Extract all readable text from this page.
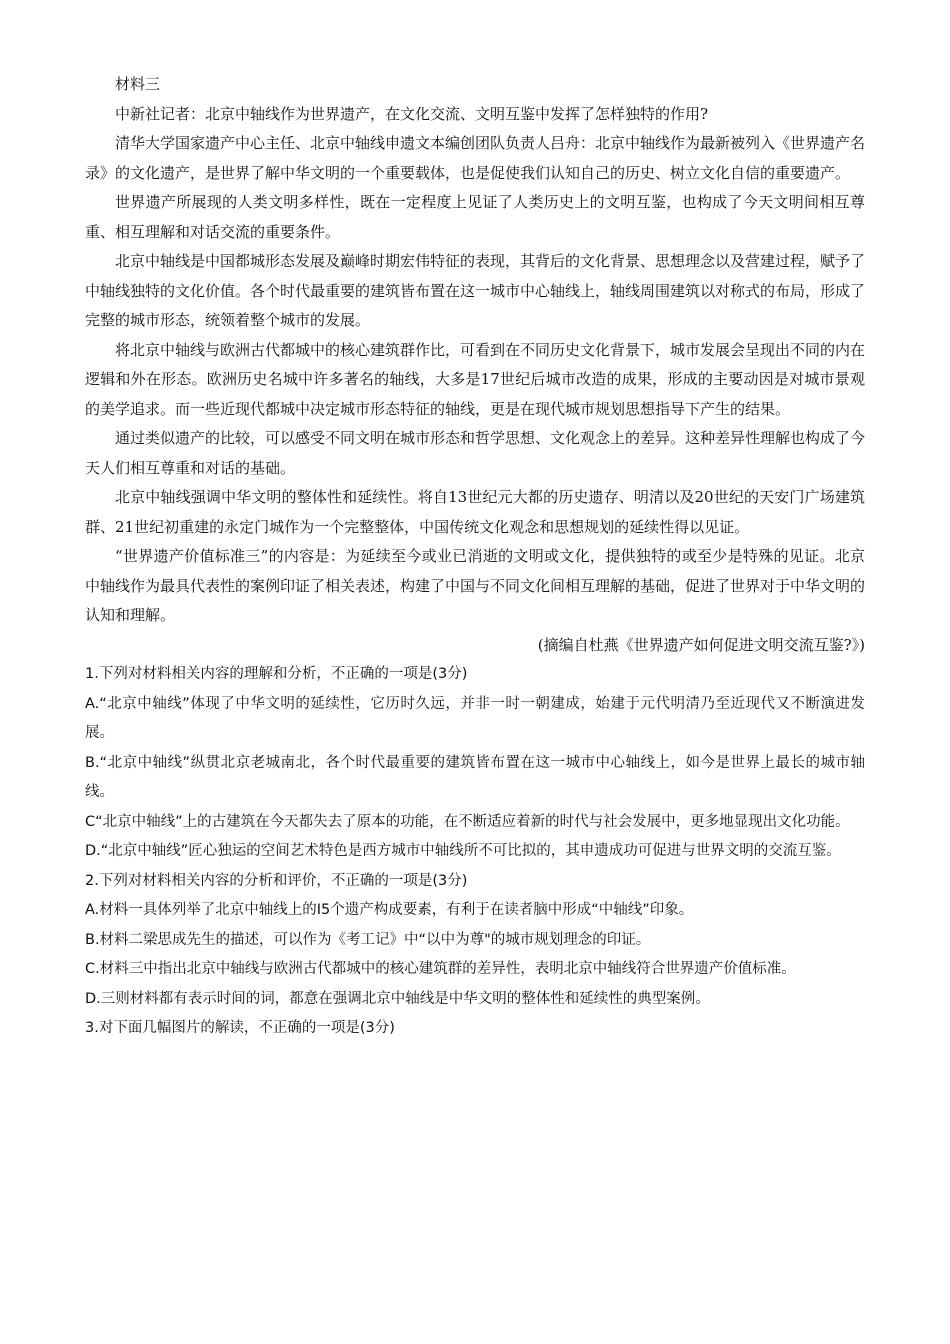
材料三

中新社记者：北京中轴线作为世界遗产，在文化交流、文明互鉴中发挥了怎样独特的作用?

清华大学国家遗产中心主任、北京中轴线申遗文本编创团队负责人吕舟：北京中轴线作为最新被列入《世界遗产名录》的文化遗产，是世界了解中华文明的一个重要载体，也是促使我们认知自己的历史、树立文化自信的重要遗产。

世界遗产所展现的人类文明多样性，既在一定程度上见证了人类历史上的文明互鉴，也构成了今天文明间相互尊重、相互理解和对话交流的重要条件。

北京中轴线是中国都城形态发展及巅峰时期宏伟特征的表现，其背后的文化背景、思想理念以及营建过程，赋予了中轴线独特的文化价值。各个时代最重要的建筑皆布置在这一城市中心轴线上，轴线周围建筑以对称式的布局，形成了完整的城市形态，统领着整个城市的发展。

将北京中轴线与欧洲古代都城中的核心建筑群作比，可看到在不同历史文化背景下，城市发展会呈现出不同的内在逻辑和外在形态。欧洲历史名城中许多著名的轴线，大多是17世纪后城市改造的成果，形成的主要动因是对城市景观的美学追求。而一些近现代都城中决定城市形态特征的轴线，更是在现代城市规划思想指导下产生的结果。

通过类似遗产的比较，可以感受不同文明在城市形态和哲学思想、文化观念上的差异。这种差异性理解也构成了今天人们相互尊重和对话的基础。

北京中轴线强调中华文明的整体性和延续性。将自13世纪元大都的历史遗存、明清以及20世纪的天安门广场建筑群、21世纪初重建的永定门城作为一个完整整体，中国传统文化观念和思想规划的延续性得以见证。

“世界遗产价值标准三”的内容是：为延续至今或业已消逝的文明或文化，提供独特的或至少是特殊的见证。北京中轴线作为最具代表性的案例印证了相关表述，构建了中国与不同文化间相互理解的基础，促进了世界对于中华文明的认知和理解。

(摘编自杜燕《世界遗产如何促进文明交流互鉴?》)

1.下列对材料相关内容的理解和分析，不正确的一项是(3分)

A.“北京中轴线”体现了中华文明的延续性，它历时久远，并非一时一朝建成，始建于元代明清乃至近现代又不断演进发展。

B.“北京中轴线”纵贯北京老城南北，各个时代最重要的建筑皆布置在这一城市中心轴线上，如今是世界上最长的城市轴线。

C“北京中轴线”上的古建筑在今天都失去了原本的功能，在不断适应着新的时代与社会发展中，更多地显现出文化功能。

D.“北京中轴线”匠心独运的空间艺术特色是西方城市中轴线所不可比拟的，其申遗成功可促进与世界文明的交流互鉴。

2.下列对材料相关内容的分析和评价，不正确的一项是(3分)

A.材料一具体列举了北京中轴线上的I5个遗产构成要素，有利于在读者脑中形成“中轴线”印象。

B.材料二梁思成先生的描述，可以作为《考工记》中“以中为尊"的城市规划理念的印证。

C.材料三中指出北京中轴线与欧洲古代都城中的核心建筑群的差异性，表明北京中轴线符合世界遗产价值标准。

D.三则材料都有表示时间的词，都意在强调北京中轴线是中华文明的整体性和延续性的典型案例。

3.对下面几幅图片的解读，不正确的一项是(3分)
